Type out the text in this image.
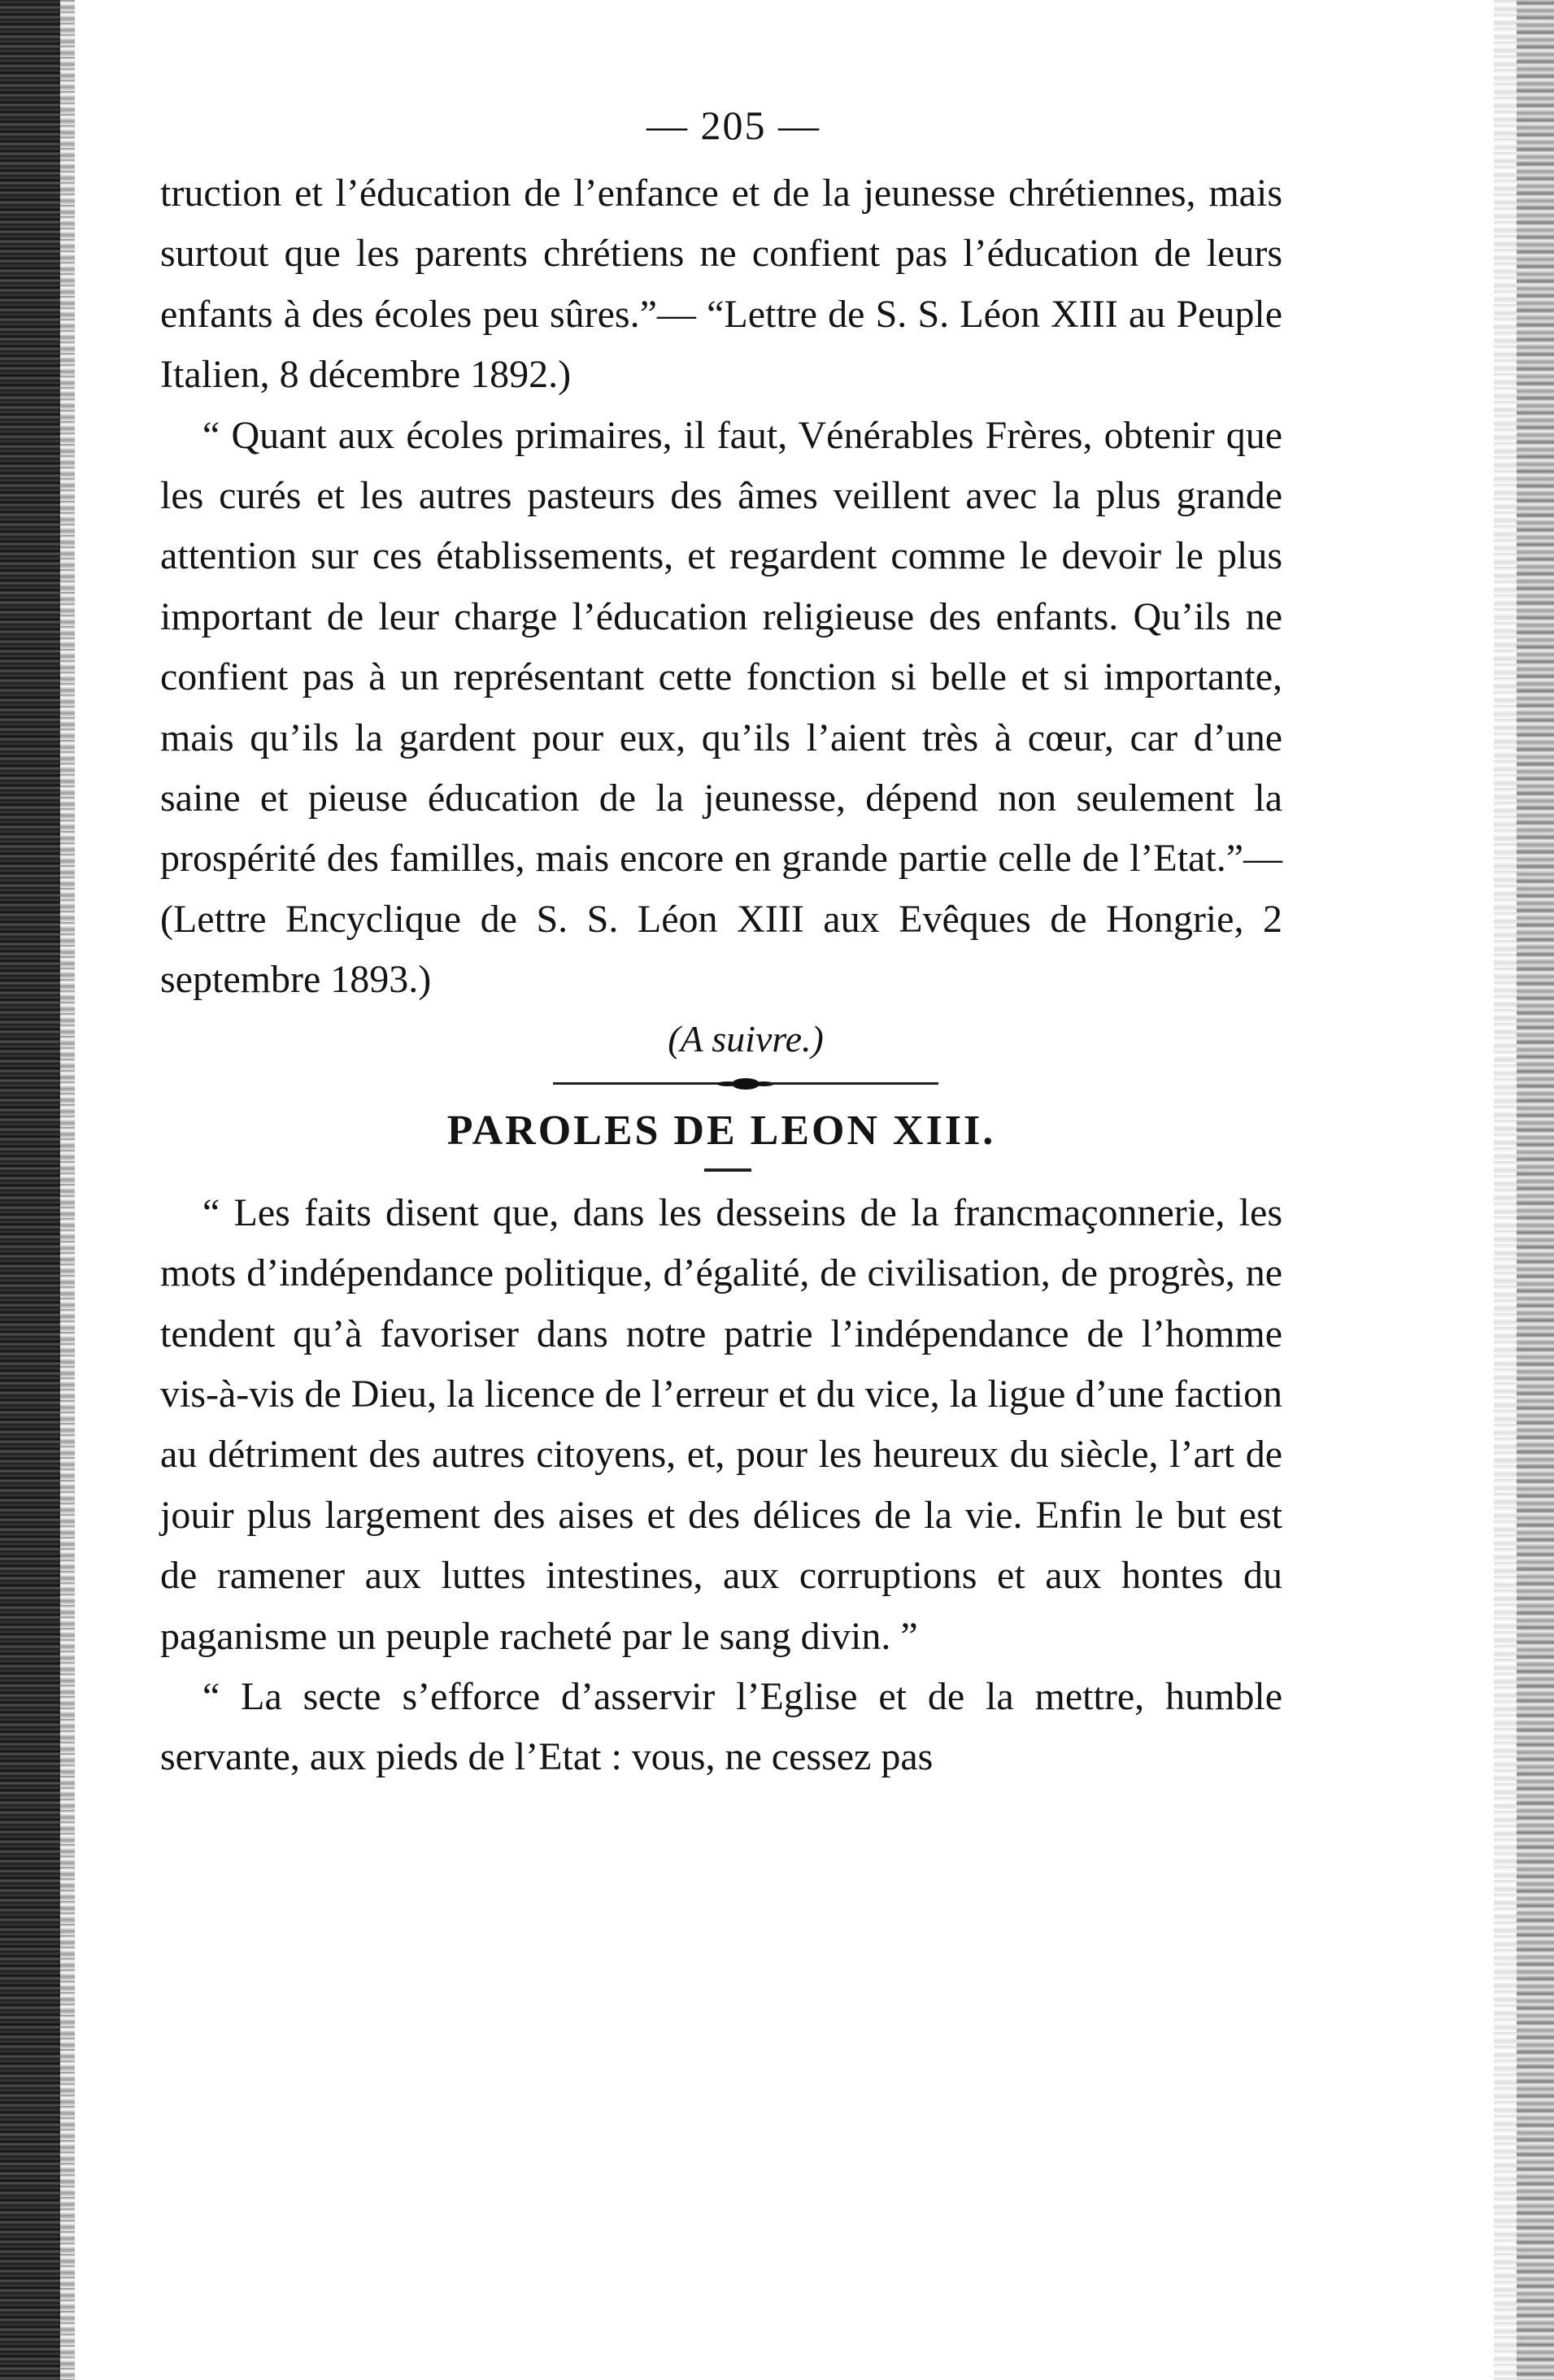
— 205 —

truction et l’éducation de l’enfance et de la jeunesse chrétiennes, mais surtout que les parents chrétiens ne confient pas l’éducation de leurs enfants à des écoles peu sûres.”— “Lettre de S. S. Léon XIII au Peuple Italien, 8 décembre 1892.)

“ Quant aux écoles primaires, il faut, Vénérables Frères, obtenir que les curés et les autres pasteurs des âmes veillent avec la plus grande attention sur ces établissements, et regardent comme le devoir le plus important de leur charge l’éducation religieuse des enfants. Qu’ils ne confient pas à un représentant cette fonction si belle et si importante, mais qu’ils la gardent pour eux, qu’ils l’aient très à cœur, car d’une saine et pieuse éducation de la jeunesse, dépend non seulement la prospérité des familles, mais encore en grande partie celle de l’Etat.”—(Lettre Encyclique de S. S. Léon XIII aux Evêques de Hongrie, 2 septembre 1893.)

(A suivre.)

PAROLES DE LEON XIII.

“ Les faits disent que, dans les desseins de la francmaçonnerie, les mots d’indépendance politique, d’égalité, de civilisation, de progrès, ne tendent qu’à favoriser dans notre patrie l’indépendance de l’homme vis-à-vis de Dieu, la licence de l’erreur et du vice, la ligue d’une faction au détriment des autres citoyens, et, pour les heureux du siècle, l’art de jouir plus largement des aises et des délices de la vie. Enfin le but est de ramener aux luttes intestines, aux corruptions et aux hontes du paganisme un peuple racheté par le sang divin. ”

“ La secte s’efforce d’asservir l’Eglise et de la mettre, humble servante, aux pieds de l’Etat : vous, ne cessez pas
